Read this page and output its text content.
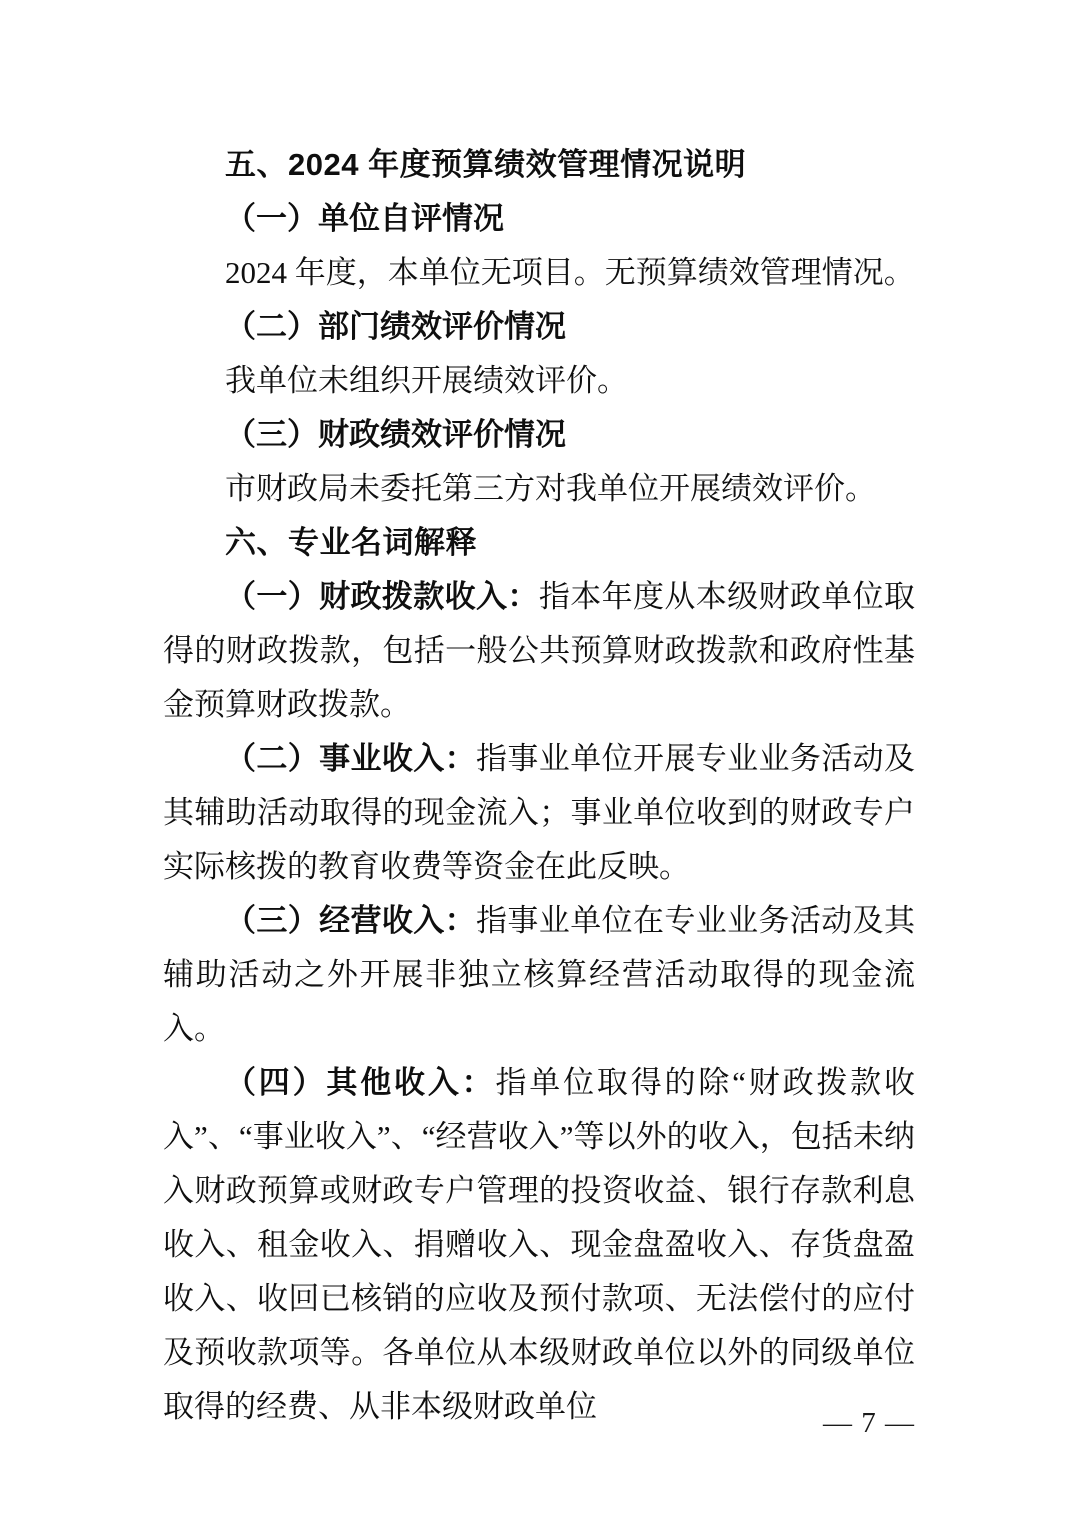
五、2024 年度预算绩效管理情况说明

（一）单位自评情况

2024 年度，本单位无项目。无预算绩效管理情况。

（二）部门绩效评价情况

我单位未组织开展绩效评价。

（三）财政绩效评价情况

市财政局未委托第三方对我单位开展绩效评价。

六、专业名词解释

（一）财政拨款收入：指本年度从本级财政单位取得的财政拨款，包括一般公共预算财政拨款和政府性基金预算财政拨款。

（二）事业收入：指事业单位开展专业业务活动及其辅助活动取得的现金流入；事业单位收到的财政专户实际核拨的教育收费等资金在此反映。

（三）经营收入：指事业单位在专业业务活动及其辅助活动之外开展非独立核算经营活动取得的现金流入。

（四）其他收入：指单位取得的除“财政拨款收入”、“事业收入”、“经营收入”等以外的收入，包括未纳入财政预算或财政专户管理的投资收益、银行存款利息收入、租金收入、捐赠收入、现金盘盈收入、存货盘盈收入、收回已核销的应收及预付款项、无法偿付的应付及预收款项等。各单位从本级财政单位以外的同级单位取得的经费、从非本级财政单位	— 7 —
